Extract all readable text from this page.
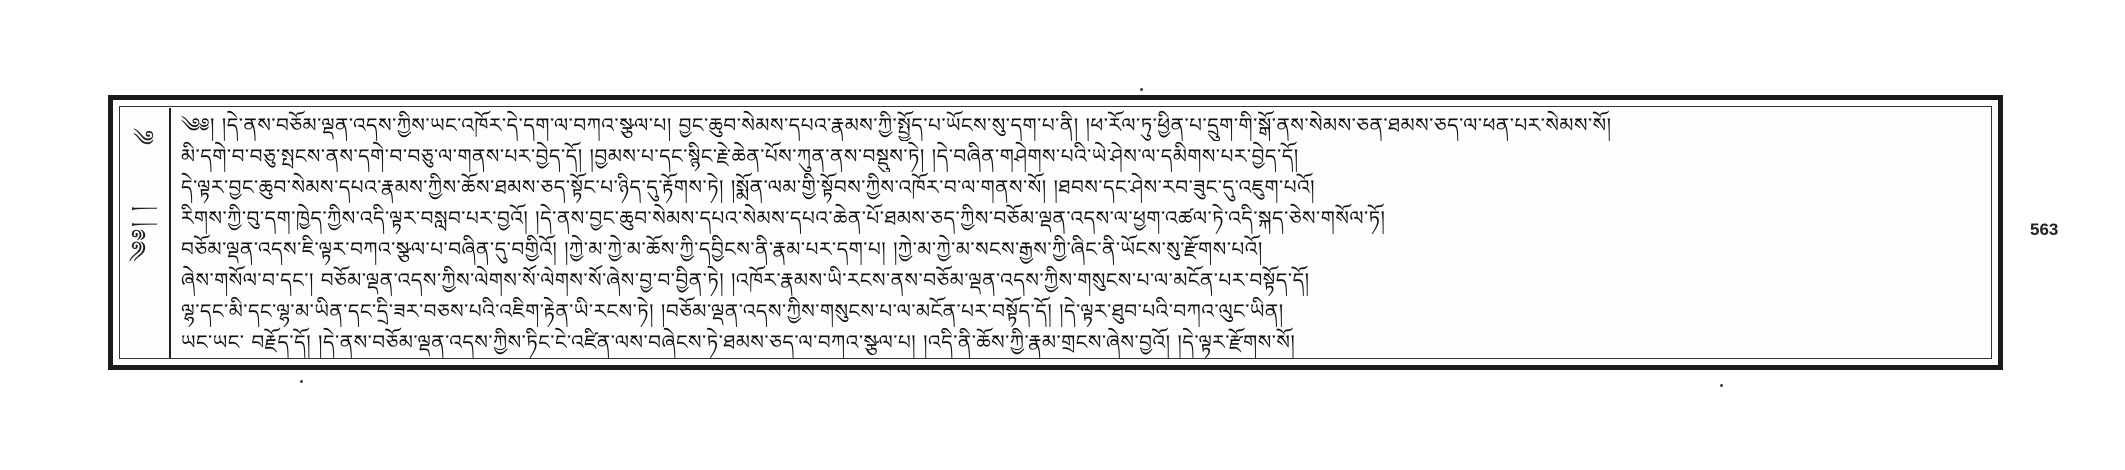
༄
༄༅། །
༄༅། །དེ་ནས་བཅོམ་ལྡན་འདས་ཀྱིས་ཡང་འཁོར་དེ་དག་ལ་བཀའ་སྩལ་པ། བྱང་ཆུབ་སེམས་དཔའ་རྣམས་ཀྱི་སྤྱོད་པ་ཡོངས་སུ་དག་པ་ནི། །ཕ་རོལ་ཏུ་ཕྱིན་པ་དྲུག་གི་སྒོ་ནས་སེམས་ཅན་ཐམས་ཅད་ལ་ཕན་པར་སེམས་སོ།
མི་དགེ་བ་བཅུ་སྤངས་ནས་དགེ་བ་བཅུ་ལ་གནས་པར་བྱེད་དོ། །བྱམས་པ་དང་སྙིང་རྗེ་ཆེན་པོས་ཀུན་ནས་བསྡུས་ཏེ། །དེ་བཞིན་གཤེགས་པའི་ཡེ་ཤེས་ལ་དམིགས་པར་བྱེད་དོ།
དེ་ལྟར་བྱང་ཆུབ་སེམས་དཔའ་རྣམས་ཀྱིས་ཆོས་ཐམས་ཅད་སྟོང་པ་ཉིད་དུ་རྟོགས་ཏེ། །སྨོན་ལམ་གྱི་སྟོབས་ཀྱིས་འཁོར་བ་ལ་གནས་སོ། །ཐབས་དང་ཤེས་རབ་ཟུང་དུ་འཇུག་པའོ།
རིགས་ཀྱི་བུ་དག་ཁྱེད་ཀྱིས་འདི་ལྟར་བསླབ་པར་བྱའོ། །དེ་ནས་བྱང་ཆུབ་སེམས་དཔའ་སེམས་དཔའ་ཆེན་པོ་ཐམས་ཅད་ཀྱིས་བཅོམ་ལྡན་འདས་ལ་ཕྱག་འཚལ་ཏེ་འདི་སྐད་ཅེས་གསོལ་ཏོ།
བཅོམ་ལྡན་འདས་ཇི་ལྟར་བཀའ་སྩལ་པ་བཞིན་དུ་བགྱིའོ། །ཀྱེ་མ་ཀྱེ་མ་ཆོས་ཀྱི་དབྱིངས་ནི་རྣམ་པར་དག་པ། །ཀྱེ་མ་ཀྱེ་མ་སངས་རྒྱས་ཀྱི་ཞིང་ནི་ཡོངས་སུ་རྫོགས་པའོ།
ཞེས་གསོལ་བ་དང་། བཅོམ་ལྡན་འདས་ཀྱིས་ལེགས་སོ་ལེགས་སོ་ཞེས་བྱ་བ་བྱིན་ཏེ། །འཁོར་རྣམས་ཡི་རངས་ནས་བཅོམ་ལྡན་འདས་ཀྱིས་གསུངས་པ་ལ་མངོན་པར་བསྟོད་དོ།
ལྷ་དང་མི་དང་ལྷ་མ་ཡིན་དང་དྲི་ཟར་བཅས་པའི་འཇིག་རྟེན་ཡི་རངས་ཏེ། །བཅོམ་ལྡན་འདས་ཀྱིས་གསུངས་པ་ལ་མངོན་པར་བསྟོད་དོ། །དེ་ལྟར་ཐུབ་པའི་བཀའ་ལུང་ཡིན།
ཡང་ཡང་ བརྗོད་དོ། །དེ་ནས་བཅོམ་ལྡན་འདས་ཀྱིས་ཏིང་ངེ་འཛིན་ལས་བཞེངས་ཏེ་ཐམས་ཅད་ལ་བཀའ་སྩལ་པ། །འདི་ནི་ཆོས་ཀྱི་རྣམ་གྲངས་ཞེས་བྱའོ། །དེ་ལྟར་རྫོགས་སོ།
563
